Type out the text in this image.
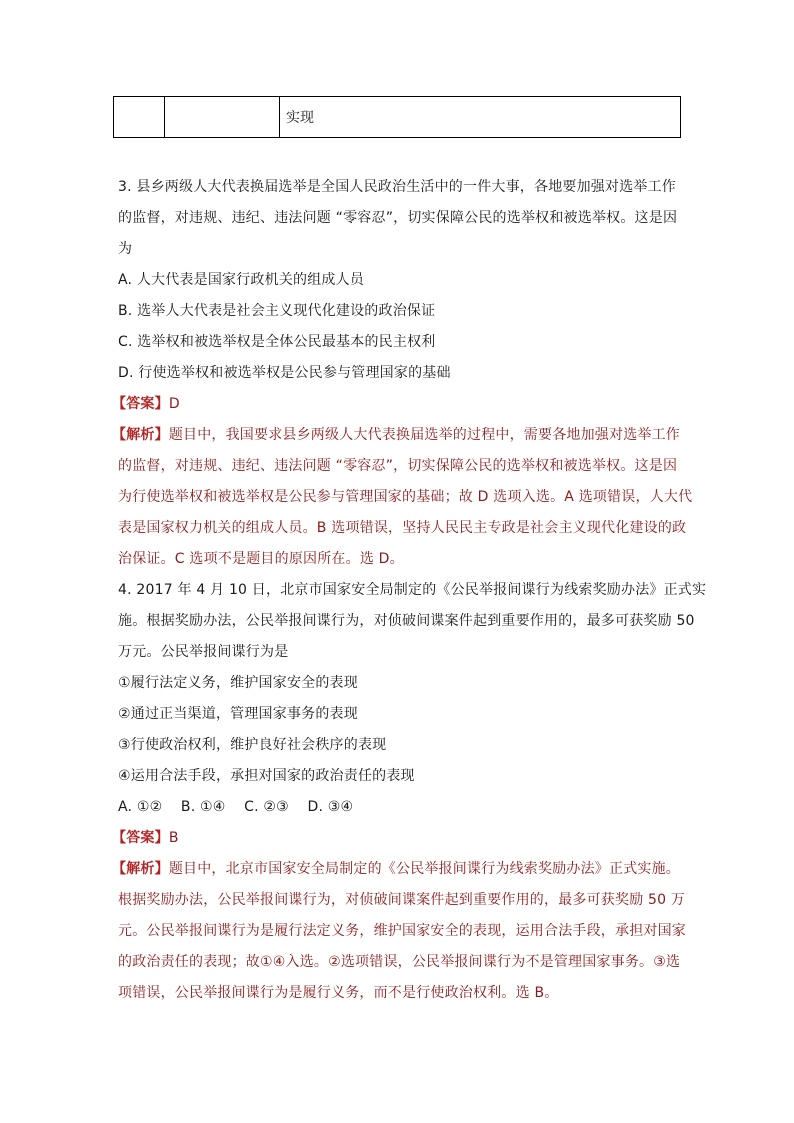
		实现
3. 县乡两级人大代表换届选举是全国人民政治生活中的一件大事，各地要加强对选举工作
的监督，对违规、违纪、违法问题 “零容忍”，切实保障公民的选举权和被选举权。这是因
为
A. 人大代表是国家行政机关的组成人员
B. 选举人大代表是社会主义现代化建设的政治保证
C. 选举权和被选举权是全体公民最基本的民主权利
D. 行使选举权和被选举权是公民参与管理国家的基础
【答案】D
【解析】题目中，我国要求县乡两级人大代表换届选举的过程中，需要各地加强对选举工作
的监督，对违规、违纪、违法问题 “零容忍”，切实保障公民的选举权和被选举权。这是因
为行使选举权和被选举权是公民参与管理国家的基础；故 D 选项入选。A 选项错误，人大代
表是国家权力机关的组成人员。B 选项错误，坚持人民民主专政是社会主义现代化建设的政
治保证。C 选项不是题目的原因所在。选 D。
4. 2017 年 4 月 10 日，北京市国家安全局制定的《公民举报间谍行为线索奖励办法》正式实
施。根据奖励办法，公民举报间谍行为，对侦破间谍案件起到重要作用的，最多可获奖励 50
万元。公民举报间谍行为是
①履行法定义务，维护国家安全的表现
②通过正当渠道，管理国家事务的表现
③行使政治权利，维护良好社会秩序的表现
④运用合法手段，承担对国家的政治责任的表现
A. ①②    B. ①④    C. ②③    D. ③④
【答案】B
【解析】题目中，北京市国家安全局制定的《公民举报间谍行为线索奖励办法》正式实施。
根据奖励办法，公民举报间谍行为，对侦破间谍案件起到重要作用的，最多可获奖励 50 万
元。公民举报间谍行为是履行法定义务，维护国家安全的表现，运用合法手段，承担对国家
的政治责任的表现；故①④入选。②选项错误，公民举报间谍行为不是管理国家事务。③选
项错误，公民举报间谍行为是履行义务，而不是行使政治权利。选 B。
